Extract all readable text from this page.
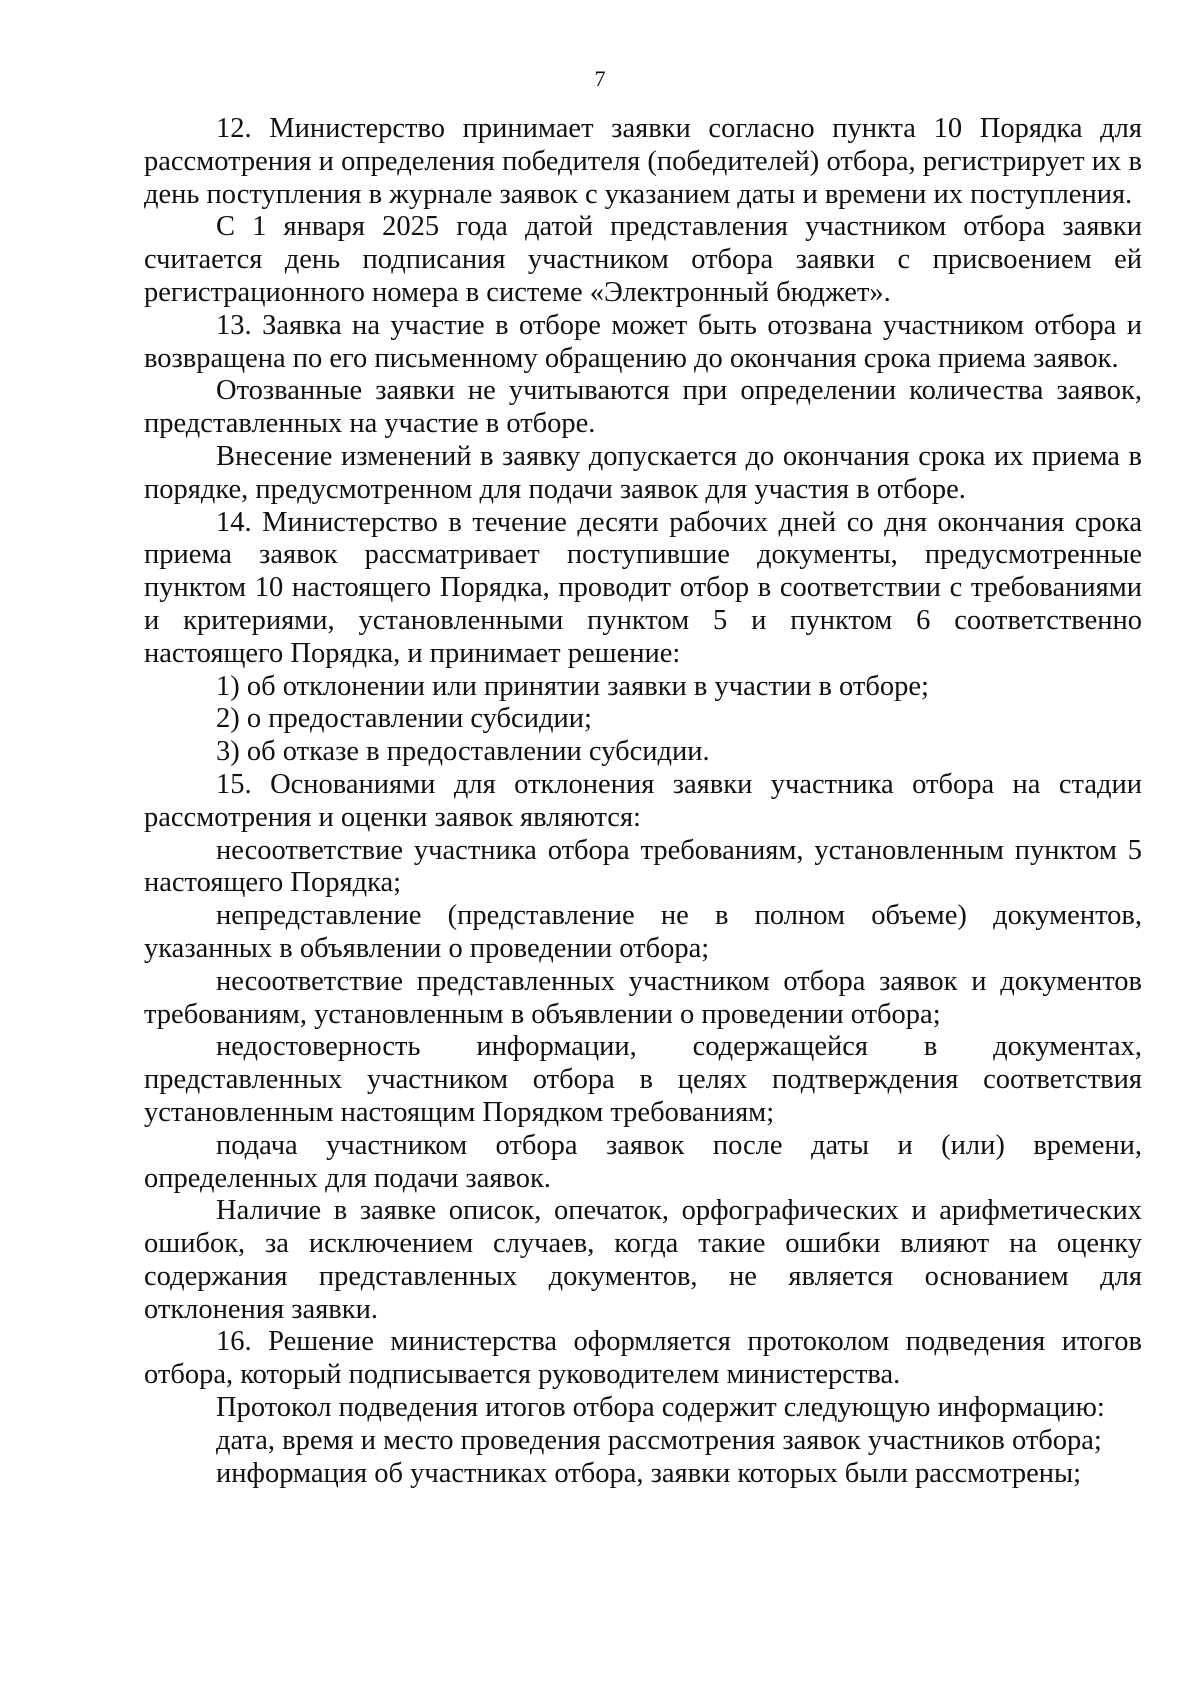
7

12. Министерство принимает заявки согласно пункта 10 Порядка для рассмотрения и определения победителя (победителей) отбора, регистрирует их в день поступления в журнале заявок с указанием даты и времени их поступления.

С 1 января 2025 года датой представления участником отбора заявки считается день подписания участником отбора заявки с присвоением ей регистрационного номера в системе «Электронный бюджет».

13. Заявка на участие в отборе может быть отозвана участником отбора и возвращена по его письменному обращению до окончания срока приема заявок.

Отозванные заявки не учитываются при определении количества заявок, представленных на участие в отборе.

Внесение изменений в заявку допускается до окончания срока их приема в порядке, предусмотренном для подачи заявок для участия в отборе.

14. Министерство в течение десяти рабочих дней со дня окончания срока приема заявок рассматривает поступившие документы, предусмотренные пунктом 10 настоящего Порядка, проводит отбор в соответствии с требованиями и критериями, установленными пунктом 5 и пунктом 6 соответственно настоящего Порядка, и принимает решение:

1) об отклонении или принятии заявки в участии в отборе;

2) о предоставлении субсидии;

3) об отказе в предоставлении субсидии.

15. Основаниями для отклонения заявки участника отбора на стадии рассмотрения и оценки заявок являются:

несоответствие участника отбора требованиям, установленным пунктом 5 настоящего Порядка;

непредставление (представление не в полном объеме) документов, указанных в объявлении о проведении отбора;

несоответствие представленных участником отбора заявок и документов требованиям, установленным в объявлении о проведении отбора;

недостоверность информации, содержащейся в документах, представленных участником отбора в целях подтверждения соответствия установленным настоящим Порядком требованиям;

подача участником отбора заявок после даты и (или) времени, определенных для подачи заявок.

Наличие в заявке описок, опечаток, орфографических и арифметических ошибок, за исключением случаев, когда такие ошибки влияют на оценку содержания представленных документов, не является основанием для отклонения заявки.

16. Решение министерства оформляется протоколом подведения итогов отбора, который подписывается руководителем министерства.

Протокол подведения итогов отбора содержит следующую информацию:

дата, время и место проведения рассмотрения заявок участников отбора;

информация об участниках отбора, заявки которых были рассмотрены;
